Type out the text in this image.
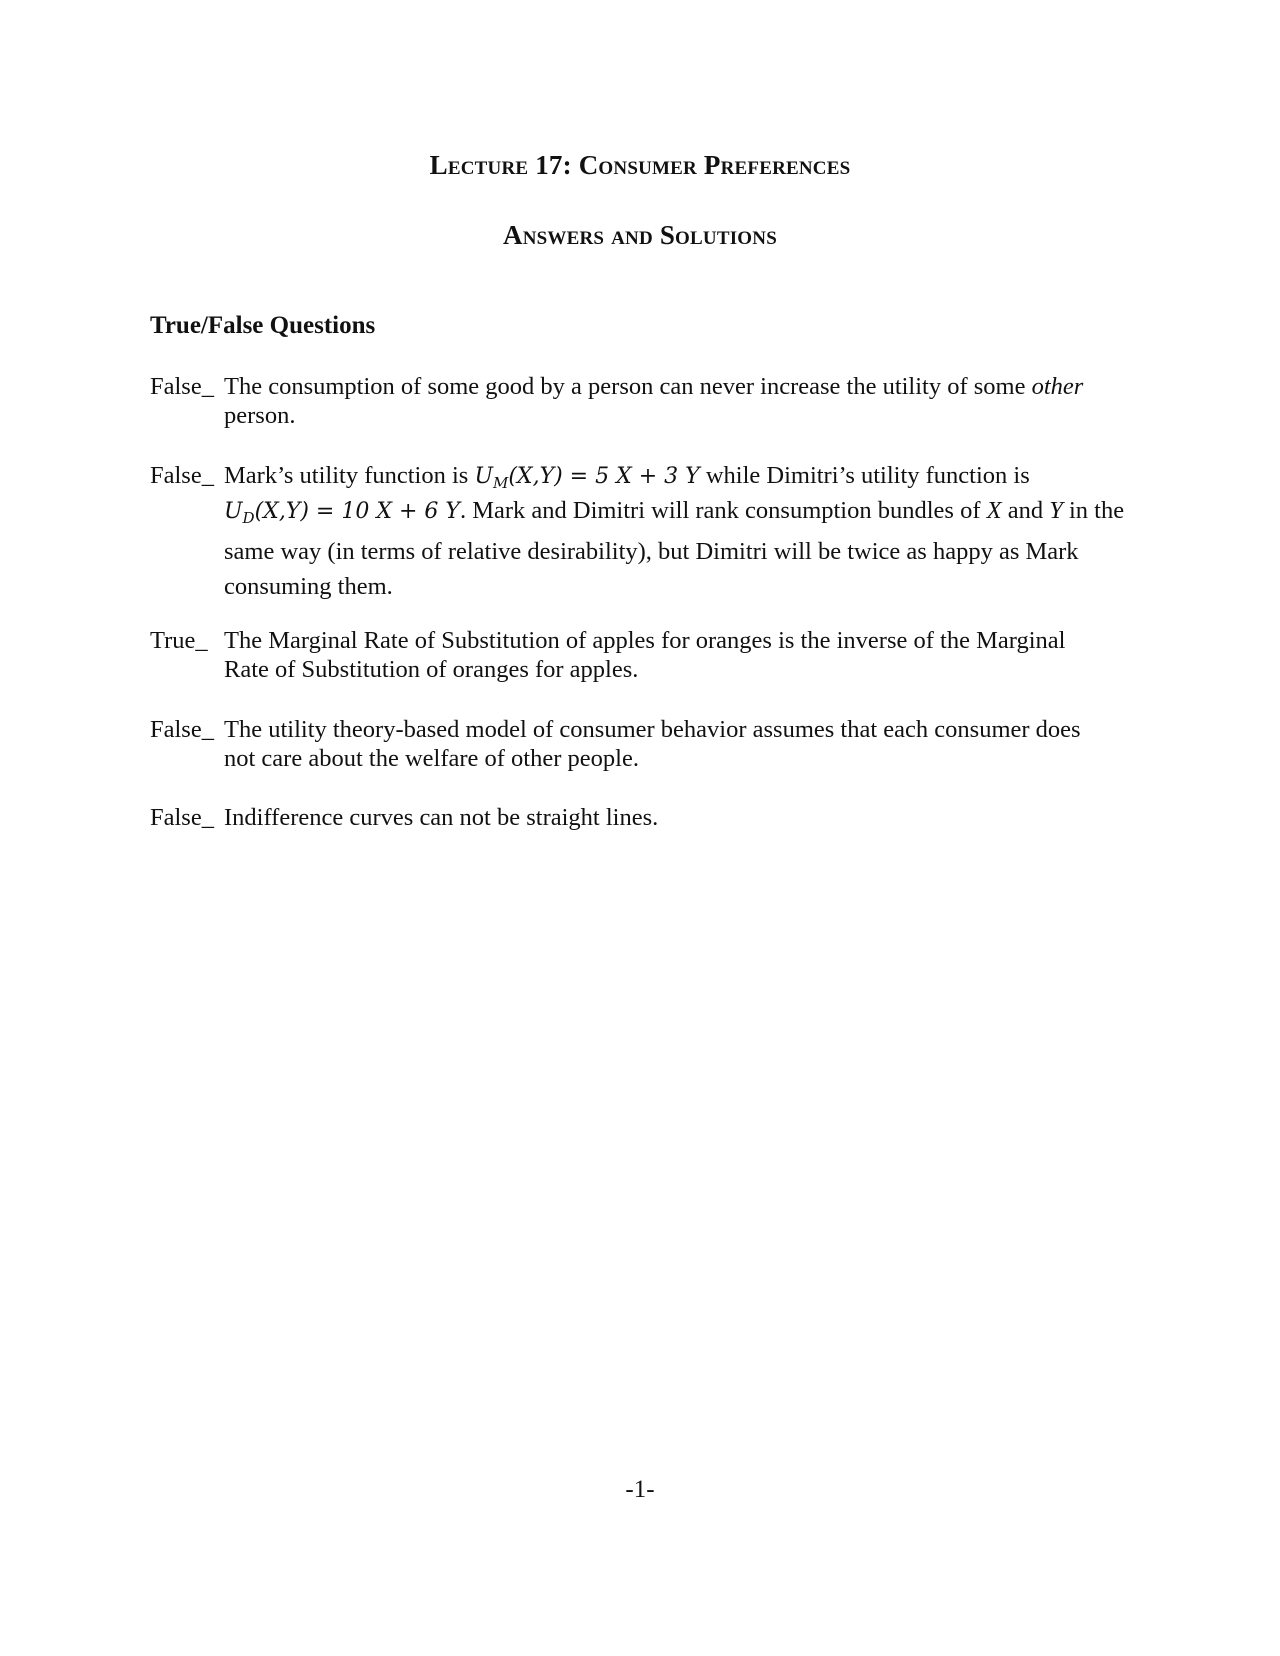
Lecture 17: Consumer Preferences
Answers and Solutions
True/False Questions
False_ The consumption of some good by a person can never increase the utility of some other
person.
False_ Mark’s utility function is $U_M(X,Y) = 5$ X + 3 Y while Dimitri’s utility function is
$U_D(X,Y) = 10$ X + 6 Y. Mark and Dimitri will rank consumption bundles of X and Y in the
same way (in terms of relative desirability), but Dimitri will be twice as happy as Mark
consuming them.
True_ The Marginal Rate of Substitution of apples for oranges is the inverse of the Marginal
Rate of Substitution of oranges for apples.
False_ The utility theory-based model of consumer behavior assumes that each consumer does
not care about the welfare of other people.
False_ Indifference curves can not be straight lines.
-1-
